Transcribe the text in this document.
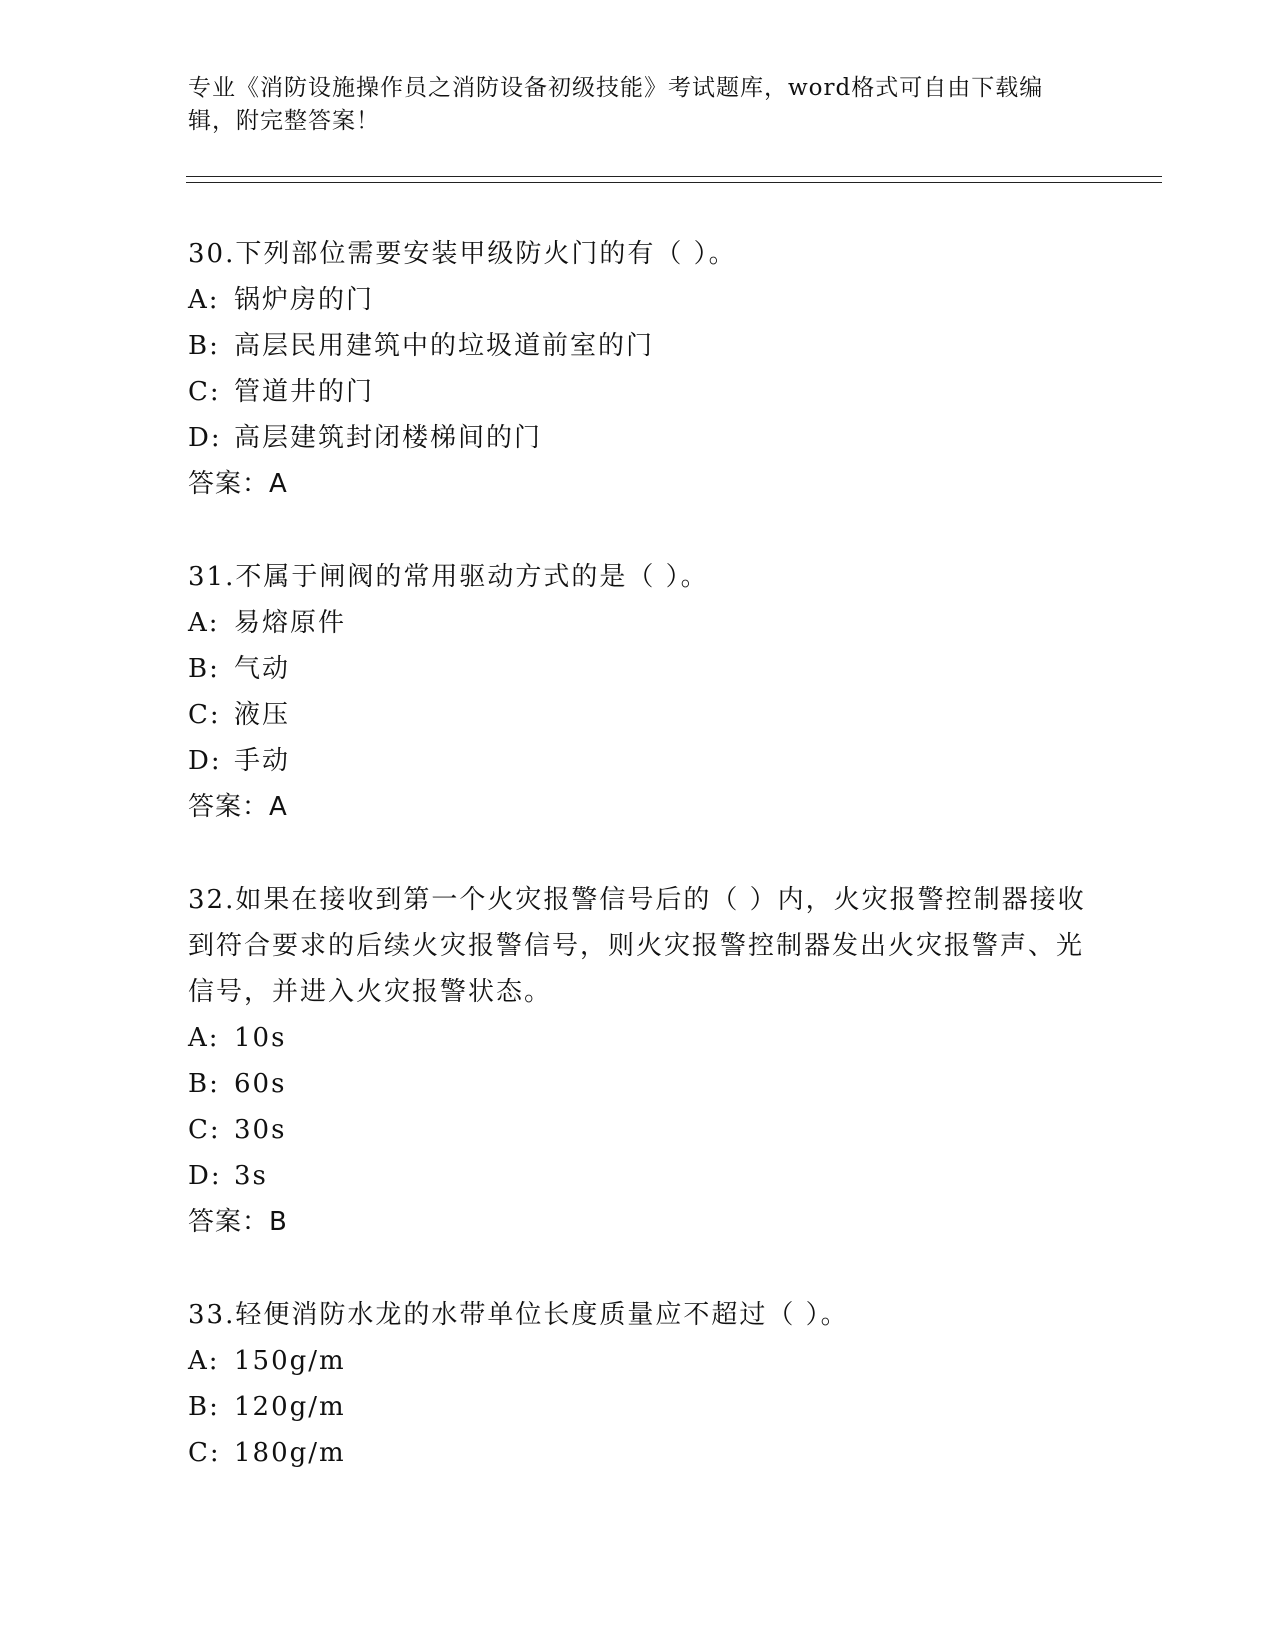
专业《消防设施操作员之消防设备初级技能》考试题库，word格式可自由下载编辑，附完整答案！
30.下列部位需要安装甲级防火门的有（ ）。
A: 锅炉房的门
B: 高层民用建筑中的垃圾道前室的门
C: 管道井的门
D: 高层建筑封闭楼梯间的门
答案：A
31.不属于闸阀的常用驱动方式的是（ ）。
A: 易熔原件
B: 气动
C: 液压
D: 手动
答案：A
32.如果在接收到第一个火灾报警信号后的（ ）内，火灾报警控制器接收到符合要求的后续火灾报警信号，则火灾报警控制器发出火灾报警声、光信号，并进入火灾报警状态。
A: 10s
B: 60s
C: 30s
D: 3s
答案：B
33.轻便消防水龙的水带单位长度质量应不超过（ ）。
A: 150g/m
B: 120g/m
C: 180g/m
